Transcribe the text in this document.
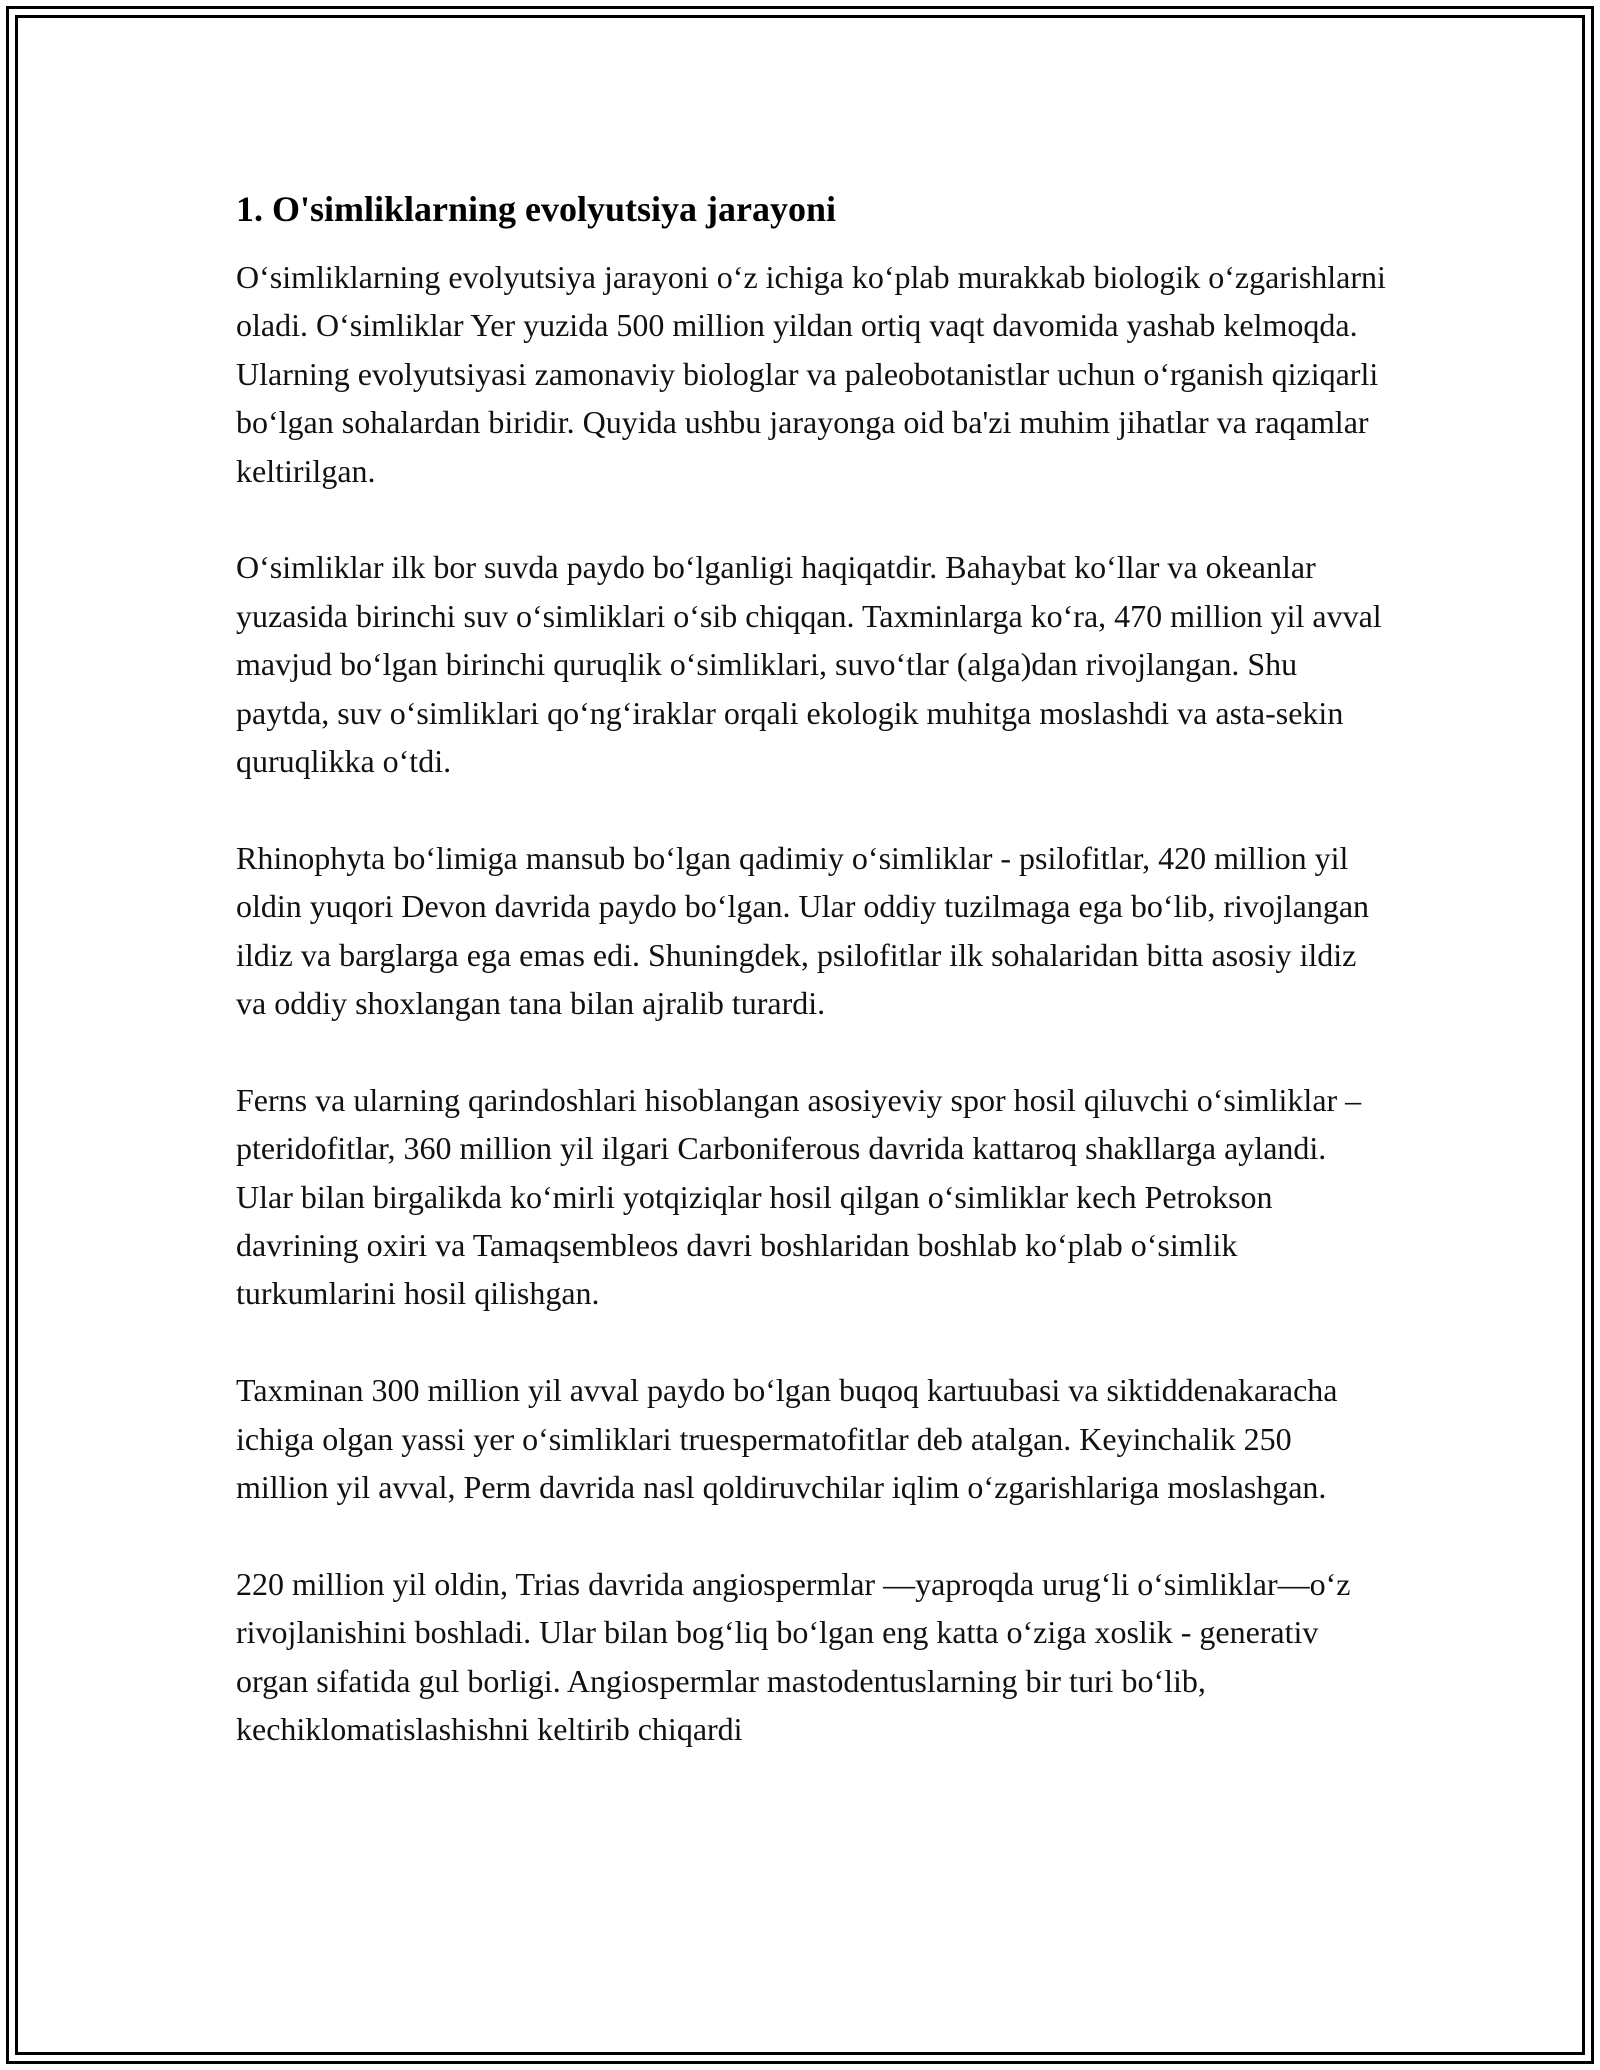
1. O'simliklarning evolyutsiya jarayoni

O‘simliklarning evolyutsiya jarayoni o‘z ichiga ko‘plab murakkab biologik o‘zgarishlarni oladi. O‘simliklar Yer yuzida 500 million yildan ortiq vaqt davomida yashab kelmoqda. Ularning evolyutsiyasi zamonaviy biologlar va paleobotanistlar uchun o‘rganish qiziqarli bo‘lgan sohalardan biridir. Quyida ushbu jarayonga oid ba'zi muhim jihatlar va raqamlar keltirilgan.

O‘simliklar ilk bor suvda paydo bo‘lganligi haqiqatdir. Bahaybat ko‘llar va okeanlar yuzasida birinchi suv o‘simliklari o‘sib chiqqan. Taxminlarga ko‘ra, 470 million yil avval mavjud bo‘lgan birinchi quruqlik o‘simliklari, suvo‘tlar (alga)dan rivojlangan. Shu paytda, suv o‘simliklari qo‘ng‘iraklar orqali ekologik muhitga moslashdi va asta-sekin quruqlikka o‘tdi.

Rhinophyta bo‘limiga mansub bo‘lgan qadimiy o‘simliklar - psilofitlar, 420 million yil oldin yuqori Devon davrida paydo bo‘lgan. Ular oddiy tuzilmaga ega bo‘lib, rivojlangan ildiz va barglarga ega emas edi. Shuningdek, psilofitlar ilk sohalaridan bitta asosiy ildiz va oddiy shoxlangan tana bilan ajralib turardi.

Ferns va ularning qarindoshlari hisoblangan asosiyeviy spor hosil qiluvchi o‘simliklar – pteridofitlar, 360 million yil ilgari Carboniferous davrida kattaroq shakllarga aylandi. Ular bilan birgalikda ko‘mirli yotqiziqlar hosil qilgan o‘simliklar kech Petrokson davrining oxiri va Tamaqsembleos davri boshlaridan boshlab ko‘plab o‘simlik turkumlarini hosil qilishgan.

Taxminan 300 million yil avval paydo bo‘lgan buqoq kartuubasi va siktiddenakaracha ichiga olgan yassi yer o‘simliklari truespermatofitlar deb atalgan. Keyinchalik 250 million yil avval, Perm davrida nasl qoldiruvchilar iqlim o‘zgarishlariga moslashgan.

220 million yil oldin, Trias davrida angiospermlar —yaproqda urug‘li o‘simliklar—o‘z rivojlanishini boshladi. Ular bilan bog‘liq bo‘lgan eng katta o‘ziga xoslik - generativ organ sifatida gul borligi. Angiospermlar mastodentuslarning bir turi bo‘lib, kechiklomatislashishni keltirib chiqardi
